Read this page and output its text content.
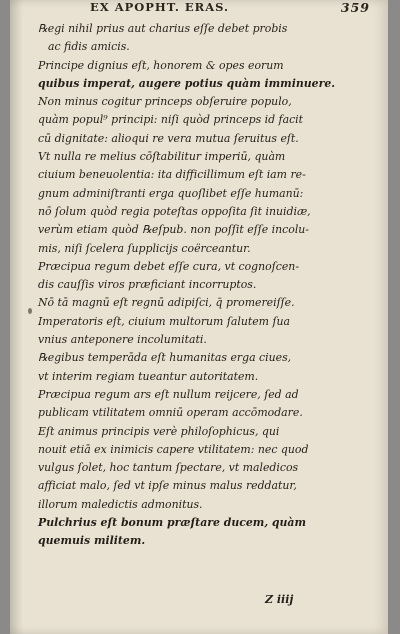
EX APOPHT. ERAS.	359
℞egi nihil prius aut charius eſſe debet probis
ac fidis amicis.
Principe dignius eſt, honorem & opes eorum
quibus imperat, augere potius quàm imminuere.
Non minus cogitur princeps obſeruire populo,
quàm popul⁹ principi: niſi quòd princeps id facit
cū dignitate: alioqui re vera mutua ſeruitus eſt.
Vt nulla re melius cōſtabilitur imperiū, quàm
ciuium beneuolentia: ita difficillimum eſt iam re-
gnum adminiſtranti erga quoſlibet eſſe humanū:
nō ſolum quòd regia poteſtas oppoſita ſit inuidiæ,
verùm etiam quòd ℞eſpub. non poſſit eſſe incolu-
mis, niſi ſcelera ſupplicijs coërceantur.
Præcipua regum debet eſſe cura, vt cognoſcen-
dis cauſſis viros præficiant incorruptos.
Nō tā magnū eſt regnū adipiſci, q̄ promereiſſe.
Imperatoris eſt, ciuium multorum ſalutem ſua
vnius anteponere incolumitati.
℞egibus temperāda eſt humanitas erga ciues,
vt interim regiam tueantur autoritatem.
Præcipua regum ars eſt nullum reijcere, ſed ad
publicam vtilitatem omniū operam accōmodare.
Eſt animus principis verè philoſophicus, qui
nouit etiā ex inimicis capere vtilitatem: nec quod
vulgus ſolet, hoc tantum ſpectare, vt maledicos
afficiat malo, ſed vt ipſe minus malus reddatur,
illorum maledictis admonitus.
Pulchrius eſt bonum præſtare ducem, quàm
quemuis militem.
Z iiij
